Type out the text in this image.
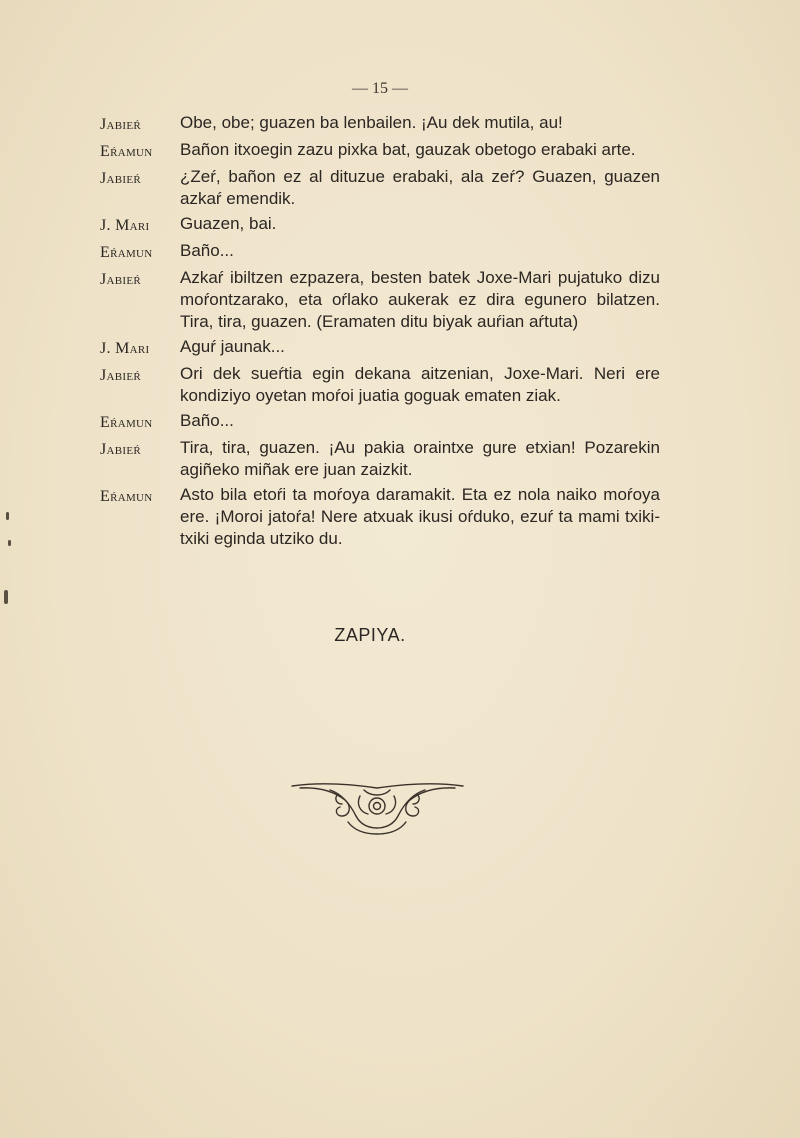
— 15 —
Jabieŕ	Obe, obe; guazen ba lenbailen. ¡Au dek mutila, au!
Eŕamun	Bañon itxoegin zazu pixka bat, gauzak obetogo erabaki arte.
Jabieŕ	¿Zeŕ, bañon ez al dituzue erabaki, ala zeŕ? Guazen, guazen azkaŕ emendik.
J. Mari	Guazen, bai.
Eŕamun	Baño...
Jabieŕ	Azkaŕ ibiltzen ezpazera, besten batek Joxe-Mari pujatuko dizu moŕontzarako, eta oŕlako aukerak ez dira egunero bilatzen. Tira, tira, guazen. (Eramaten ditu biyak auŕian aŕtuta)
J. Mari	Aguŕ jaunak...
Jabieŕ	Ori dek sueŕtia egin dekana aitzenian, Joxe-Mari. Neri ere kondiziyo oyetan moŕoi juatia goguak ematen ziak.
Eŕamun	Baño...
Jabieŕ	Tira, tira, guazen. ¡Au pakia oraintxe gure etxian! Pozarekin agiñeko miñak ere juan zaizkit.
Eŕamun	Asto bila etoŕi ta moŕoya daramakit. Eta ez nola naiko moŕoya ere. ¡Moroi jatoŕa! Nere atxuak ikusi oŕduko, ezuŕ ta mami txiki-txiki eginda utziko du.
ZAPIYA.
